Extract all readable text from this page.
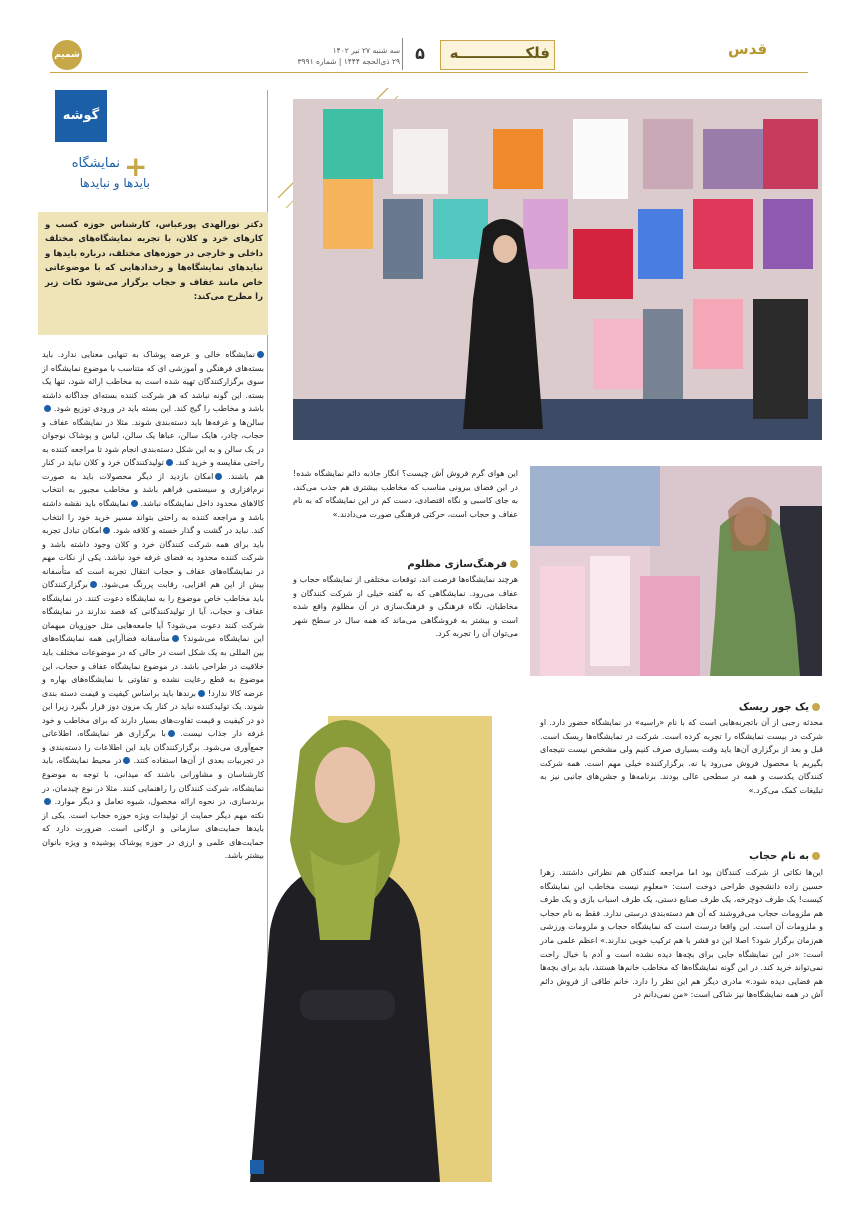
شمیم	سه شنبه ۲۷ تیر ۱۴۰۲
۲۹ ذی‌الحجه ۱۴۴۴ | شماره ۳۹۹۱ ۵	فلکـــــــــــــه	قدس
گوشه
+
نمایشگاه
بایدها و نبایدها
دکتر نورالهدی پورعباس، کارشناس حوزه کسب و کارهای خرد و کلان، با تجربه نمایشگاه‌های مختلف داخلی و خارجی در حوزه‌های مختلف، درباره بایدها و نبایدهای نمایشگاه‌ها و رخدادهایی که با موضوعاتی خاص مانند عفاف و حجاب برگزار می‌شود نکات زیر را مطرح می‌کند:
نمایشگاه خالی و عرضه پوشاک به تنهایی معنایی ندارد. باید بسته‌های فرهنگی و آموزشی ای که متناسب با موضوع نمایشگاه از سوی برگزارکنندگان تهیه شده است به مخاطب ارائه شود، تنها یک بسته. این گونه نباشد که هر شرکت کننده بسته‌ای جداگانه داشته باشد و مخاطب را گیج کند. این بسته باید در ورودی توزیع شود. سالن‌ها و غرفه‌ها باید دسته‌بندی شوند. مثلا در نمایشگاه عفاف و حجاب، چادر، هایک سالن، عباها یک سالن، لباس و پوشاک نوجوان در یک سالن و به این شکل دسته‌بندی انجام شود تا مراجعه کننده به راحتی مقایسه و خرید کند. تولیدکنندگان خرد و کلان نباید در کنار هم باشند. امکان بازدید از دیگر محصولات باید به صورت نرم‌افزاری و سیستمی فراهم باشد و مخاطب مجبور به انتخاب کالاهای محدود داخل نمایشگاه نباشد. نمایشگاه باید نقشه داشته باشد و مراجعه کننده به راحتی بتواند مسیر خرید خود را انتخاب کند. نباید در گشت و گذار خسته و کلافه شود. امکان تبادل تجربه باید برای همه شرکت کنندگان خرد و کلان وجود داشته باشد و شرکت کننده محدود به فضای غرفه خود نباشد. یکی از نکات مهم در نمایشگاه‌های عفاف و حجاب انتقال تجربه است که متأسفانه بیش از این هم افزایی، رقابت پررنگ می‌شود. برگزارکنندگان باید مخاطب خاص موضوع را به نمایشگاه دعوت کنند. در نمایشگاه عفاف و حجاب، آیا از تولیدکنندگانی که قصد ندارند در نمایشگاه شرکت کنند دعوت می‌شود؟ آیا جامعه‌هایی مثل حوزویان میهمان این نمایشگاه می‌شوند؟ متأسفانه فضاآرایی همه نمایشگاه‌های بین المللی به یک شکل است در حالی که در موضوعات مختلف باید خلاقیت در طراحی باشد. در موضوع نمایشگاه عفاف و حجاب، این موضوع به قطع رعایت نشده و تفاوتی با نمایشگاه‌های بهاره و عرضه کالا ندارد! برندها باید براساس کیفیت و قیمت دسته بندی شوند. یک تولیدکننده نباید در کنار یک مزون دوز قرار بگیرد زیرا این دو در کیفیت و قیمت تفاوت‌های بسیار دارند که برای مخاطب و خود غرفه دار جذاب نیست. با برگزاری هر نمایشگاه، اطلاعاتی جمع‌آوری می‌شود. برگزارکنندگان باید این اطلاعات را دسته‌بندی و در تجربیات بعدی از آن‌ها استفاده کنند. در محیط نمایشگاه، باید کارشناسان و مشاورانی باشند که میدانی، با توجه به موضوع نمایشگاه، شرکت کنندگان را راهنمایی کنند. مثلا در نوع چیدمان، در برندسازی، در نحوه ارائه محصول، شیوه تعامل و دیگر موارد. نکته مهم دیگر حمایت از تولیدات ویژه حوزه حجاب است. یکی از بایدها حمایت‌های سازمانی و ارگانی است. ضرورت دارد که حمایت‌های علمی و ارزی در حوزه پوشاک پوشیده و ویژه بانوان بیشتر باشد.
این هوای گرم فروش آش چیست؟ انگار جاذبه دائم نمایشگاه شده! در این فضای بیرونی مناسب که مخاطب بیشتری هم جذب می‌کند، به جای کاسبی و نگاه اقتصادی، دست کم در این نمایشگاه که به نام عفاف و حجاب است، حرکتی فرهنگی صورت می‌دادند.»
فرهنگ‌سازی مظلوم
هرچند نمایشگاه‌ها فرصت اند، توقعات مختلفی از نمایشگاه حجاب و عفاف می‌رود. نمایشگاهی که به گفته خیلی از شرکت کنندگان و مخاطبان، نگاه فرهنگی و فرهنگ‌سازی در آن مظلوم واقع شده است و بیشتر به فروشگاهی می‌ماند که همه سال در سطح شهر می‌توان آن را تجربه کرد.
یک جور ریسک
محدثه رجبی از آن باتجربه‌هایی است که با نام «راسیه» در نمایشگاه حضور دارد. او شرکت در بیست نمایشگاه را تجربه کرده است. شرکت در نمایشگاه‌ها ریسک است. قبل و بعد از برگزاری آن‌ها باید وقت بسیاری صرف کنیم ولی مشخص نیست نتیجه‌ای بگیریم یا محصول فروش می‌رود یا نه. برگزارکننده خیلی مهم است. همه شرکت کنندگان یکدست و همه در سطحی عالی بودند. برنامه‌ها و جشن‌های جانبی نیز به تبلیغات کمک می‌کرد.»
به نام حجاب
این‌ها نکاتی از شرکت کنندگان بود اما مراجعه کنندگان هم نظراتی داشتند. زهرا حسین زاده دانشجوی طراحی دوخت است: «معلوم نیست مخاطب این نمایشگاه کیست! یک طرف دوچرخه، یک طرف صنایع دستی، یک طرف اسباب بازی و یک طرف هم ملزومات حجاب می‌فروشند که آن هم دسته‌بندی درستی ندارد. فقط به نام حجاب و ملزومات آن است. این واقعا درست است که نمایشگاه حجاب و ملزومات ورزشی هم‌زمان برگزار شود؟ اصلا این دو قشر با هم ترکیب خوبی ندارند.» اعظم علمی مادر است: «در این نمایشگاه جایی برای بچه‌ها دیده نشده است و آدم با خیال راحت نمی‌تواند خرید کند. در این گونه نمایشگاه‌ها که مخاطب خانم‌ها هستند، باید برای بچه‌ها هم فضایی دیده شود.» مادری دیگر هم این نظر را دارد. خانم طاقی از فروش دائم آش در همه نمایشگاه‌ها نیز شاکی است: «من نمی‌دانم در
